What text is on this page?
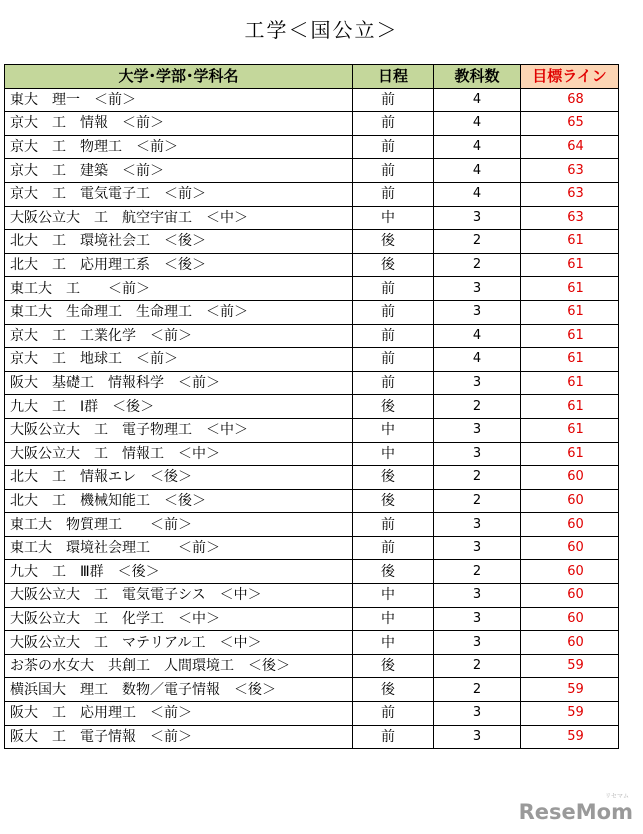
工学＜国公立＞
大学･学部･学科名	日程	教科数	目標ライン
東大　理一　＜前＞	前	4	68
京大　工　情報　＜前＞	前	4	65
京大　工　物理工　＜前＞	前	4	64
京大　工　建築　＜前＞	前	4	63
京大　工　電気電子工　＜前＞	前	4	63
大阪公立大　工　航空宇宙工　＜中＞	中	3	63
北大　工　環境社会工　＜後＞	後	2	61
北大　工　応用理工系　＜後＞	後	2	61
東工大　工　　＜前＞	前	3	61
東工大　生命理工　生命理工　＜前＞	前	3	61
京大　工　工業化学　＜前＞	前	4	61
京大　工　地球工　＜前＞	前	4	61
阪大　基礎工　情報科学　＜前＞	前	3	61
九大　工　Ⅰ群　＜後＞	後	2	61
大阪公立大　工　電子物理工　＜中＞	中	3	61
大阪公立大　工　情報工　＜中＞	中	3	61
北大　工　情報エレ　＜後＞	後	2	60
北大　工　機械知能工　＜後＞	後	2	60
東工大　物質理工　　＜前＞	前	3	60
東工大　環境社会理工　　＜前＞	前	3	60
九大　工　Ⅲ群　＜後＞	後	2	60
大阪公立大　工　電気電子シス　＜中＞	中	3	60
大阪公立大　工　化学工　＜中＞	中	3	60
大阪公立大　工　マテリアル工　＜中＞	中	3	60
お茶の水女大　共創工　人間環境工　＜後＞	後	2	59
横浜国大　理工　数物／電子情報　＜後＞	後	2	59
阪大　工　応用理工　＜前＞	前	3	59
阪大　工　電子情報　＜前＞	前	3	59
リセマム
ReseMom
